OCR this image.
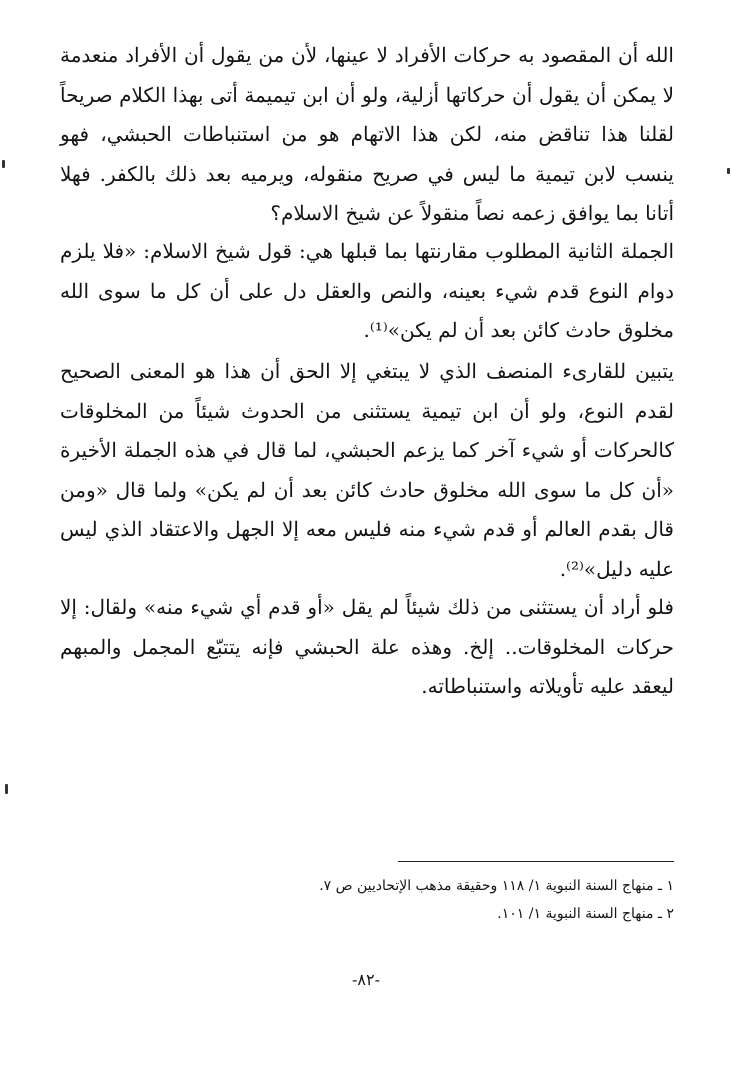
الله أن المقصود به حركات الأفراد لا عينها، لأن من يقول أن الأفراد منعدمة لا يمكن أن يقول أن حركاتها أزلية، ولو أن ابن تيميمة أتى بهذا الكلام صريحاً لقلنا هذا تناقض منه، لكن هذا الاتهام هو من استنباطات الحبشي، فهو ينسب لابن تيمية ما ليس في صريح منقوله، ويرميه بعد ذلك بالكفر. فهلا أتانا بما يوافق زعمه نصاً منقولاً عن شيخ الاسلام؟

الجملة الثانية المطلوب مقارنتها بما قبلها هي: قول شيخ الاسلام: «فلا يلزم دوام النوع قدم شيء بعينه، والنص والعقل دل على أن كل ما سوى الله مخلوق حادث كائن بعد أن لم يكن»⁽¹⁾.

يتبين للقارىء المنصف الذي لا يبتغي إلا الحق أن هذا هو المعنى الصحيح لقدم النوع، ولو أن ابن تيمية يستثنى من الحدوث شيئاً من المخلوقات كالحركات أو شيء آخر كما يزعم الحبشي، لما قال في هذه الجملة الأخيرة «أن كل ما سوى الله مخلوق حادث كائن بعد أن لم يكن» ولما قال «ومن قال بقدم العالم أو قدم شيء منه فليس معه إلا الجهل والاعتقاد الذي ليس عليه دليل»⁽²⁾.

فلو أراد أن يستثنى من ذلك شيئاً لم يقل «أو قدم أي شيء منه» ولقال: إلا حركات المخلوقات.. إلخ. وهذه علة الحبشي فإنه يتتبّع المجمل والمبهم ليعقد عليه تأويلاته واستنباطاته.

١ ـ منهاج السنة النبوية ١/ ١١٨ وحقيقة مذهب الإتحاديين ص ٧.
٢ ـ منهاج السنة النبوية ١/ ١٠١.
-٨٢-
